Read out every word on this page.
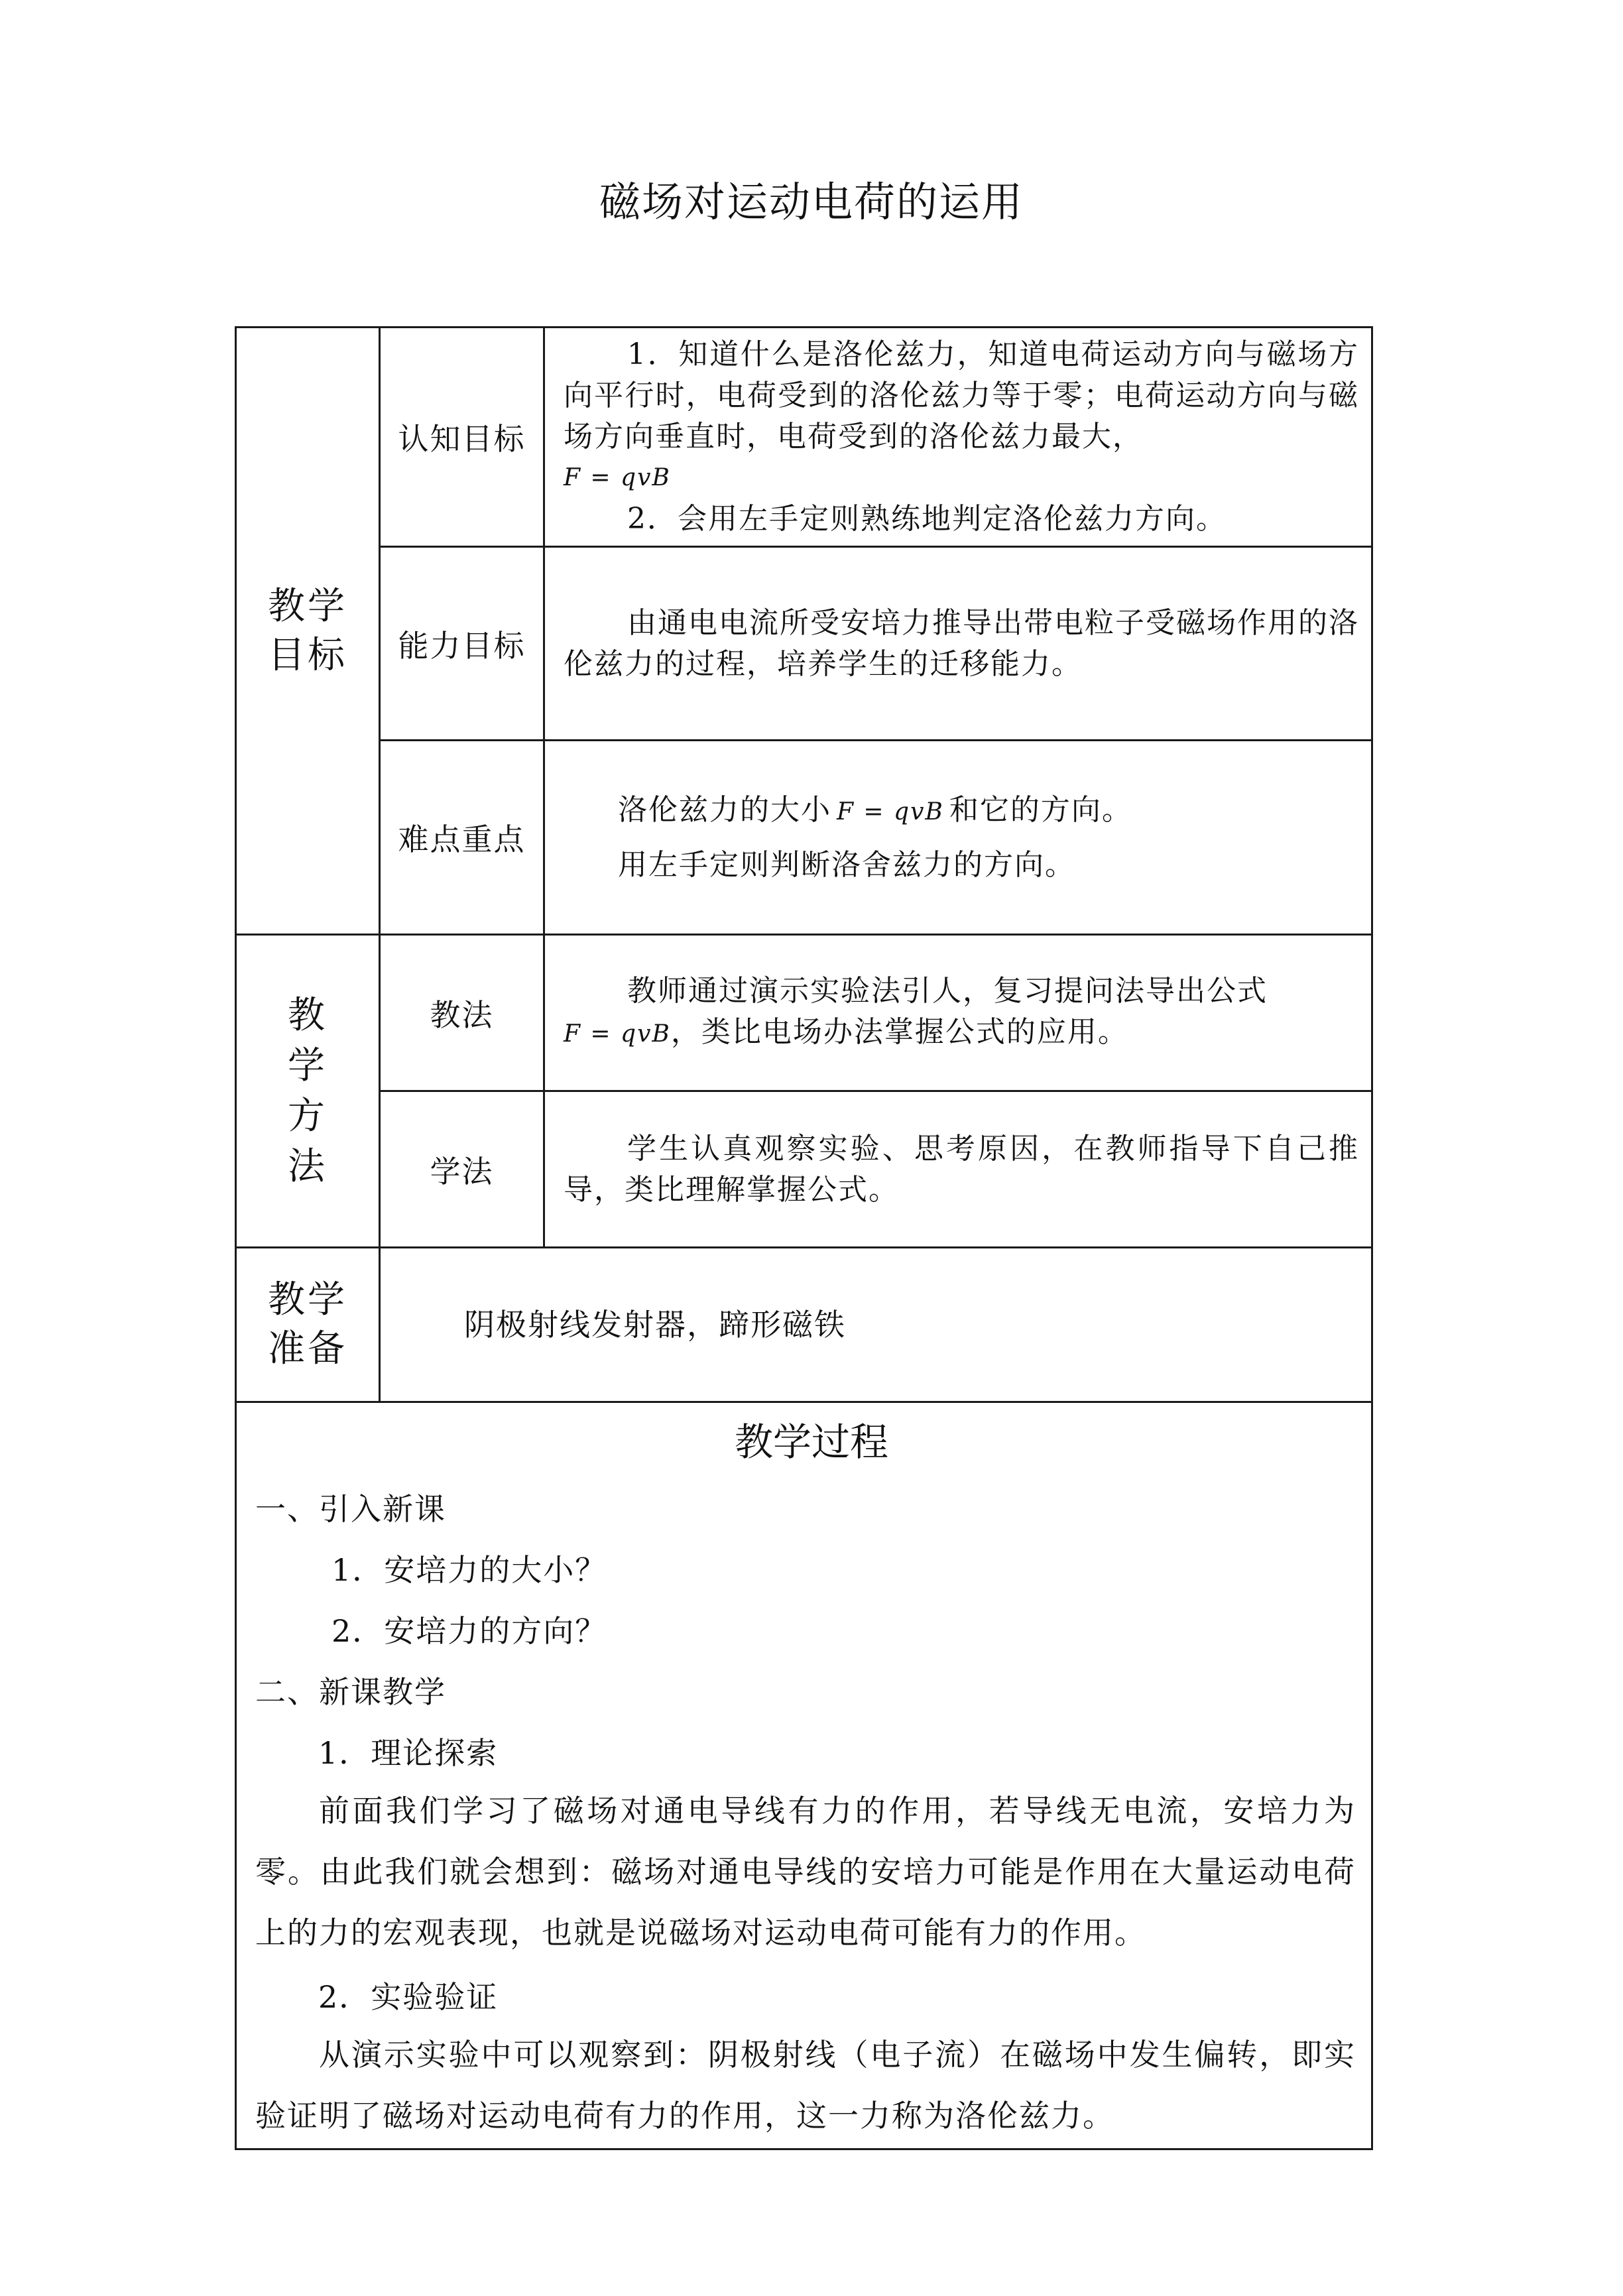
磁场对运动电荷的运用
教学目标
认知目标

1．知道什么是洛伦兹力，知道电荷运动方向与磁场方向平行时，电荷受到的洛伦兹力等于零；电荷运动方向与磁场方向垂直时，电荷受到的洛伦兹力最大，

F = qvB

2．会用左手定则熟练地判定洛伦兹力方向。

能力目标
由通电电流所受安培力推导出带电粒子受磁场作用的洛伦兹力的过程，培养学生的迁移能力。
难点重点

洛伦兹力的大小 F = qvB 和它的方向。

用左手定则判断洛舍兹力的方向。

教
学
方
法
教法

教师通过演示实验法引人，复习提问法导出公式

F = qvB，类比电场办法掌握公式的应用。

学法
学生认真观察实验、思考原因，在教师指导下自己推导，类比理解掌握公式。
教学
准备
阴极射线发射器，蹄形磁铁
教学过程
一、引入新课
1．安培力的大小？
2．安培力的方向？
二、新课教学
1．理论探索
前面我们学习了磁场对通电导线有力的作用，若导线无电流，安培力为零。由此我们就会想到：磁场对通电导线的安培力可能是作用在大量运动电荷上的力的宏观表现，也就是说磁场对运动电荷可能有力的作用。
2．实验验证
从演示实验中可以观察到：阴极射线（电子流）在磁场中发生偏转，即实验证明了磁场对运动电荷有力的作用，这一力称为洛伦兹力。
